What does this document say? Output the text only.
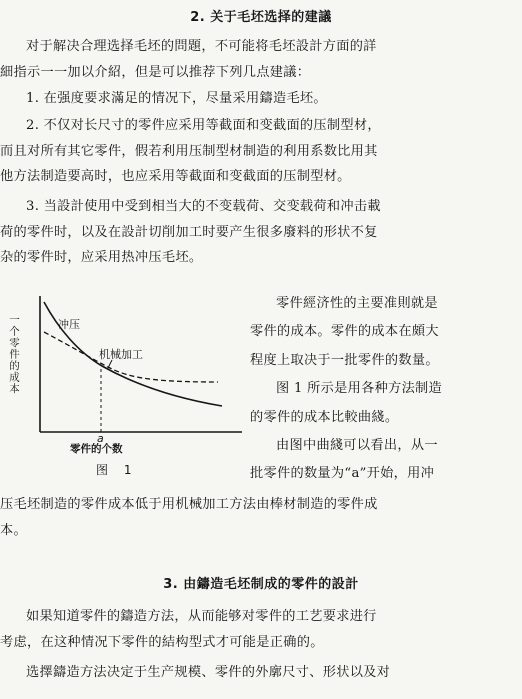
2. 关于毛坯选择的建議
对于解决合理选择毛坯的問題，不可能将毛坯設計方面的詳
細指示一一加以介紹，但是可以推荐下列几点建議：
1. 在强度要求滿足的情况下，尽量采用鑄造毛坯。
2. 不仅对长尺寸的零件应采用等截面和变截面的压制型材，
而且对所有其它零件，假若利用压制型材制造的利用系数比用其
他方法制造要高时，也应采用等截面和变截面的压制型材。
3. 当設計使用中受到相当大的不变载荷、交变载荷和冲击載
荷的零件时，以及在設計切削加工时要产生很多廢料的形状不复
杂的零件时，应采用热冲压毛坯。
一个零件的成本	冲压
机械加工
a
零件的个数
图 1
零件經济性的主要准則就是
零件的成本。零件的成本在頗大
程度上取决于一批零件的数量。
图 1 所示是用各种方法制造
的零件的成本比較曲綫。
由图中曲綫可以看出，从一
批零件的数量为“a”开始，用冲
压毛坯制造的零件成本低于用机械加工方法由棒材制造的零件成
本。
3. 由鑄造毛坯制成的零件的設計
如果知道零件的鑄造方法，从而能够对零件的工艺要求进行
考虑，在这种情况下零件的結构型式才可能是正确的。
选擇鑄造方法决定于生产规模、零件的外廓尺寸、形状以及对
